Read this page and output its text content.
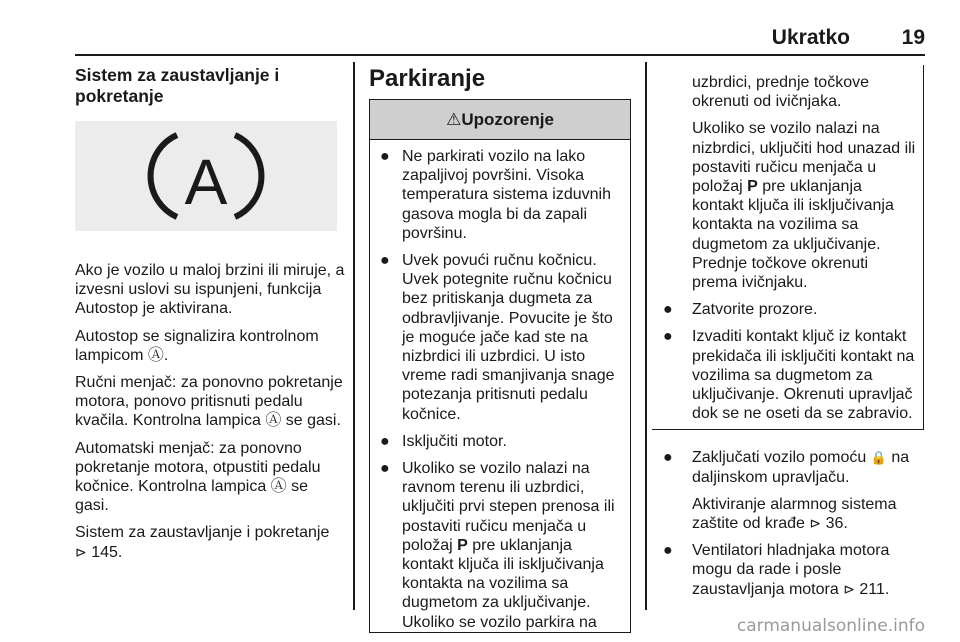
Ukratko	19
Sistem za zaustavljanje i pokretanje
A

Ako je vozilo u maloj brzini ili miruje, a izvesni uslovi su ispunjeni, funkcija Autostop je aktivirana.

Autostop se signalizira kontrolnom lampicom Ⓐ.

Ručni menjač: za ponovno pokretanje motora, ponovo pritisnuti pedalu kvačila. Kontrolna lampica Ⓐ se gasi.

Automatski menjač: za ponovno pokretanje motora, otpustiti pedalu kočnice. Kontrolna lampica Ⓐ se gasi.

Sistem za zaustavljanje i pokretanje
⊳ 145.

Parkiranje
⚠ Upozorenje
● Ne parkirati vozilo na lako zapaljivoj površini. Visoka temperatura sistema izduvnih gasova mogla bi da zapali površinu.
● Uvek povući ručnu kočnicu. Uvek potegnite ručnu kočnicu bez pritiskanja dugmeta za odbravljivanje. Povucite je što je moguće jače kad ste na nizbrdici ili uzbrdici. U isto vreme radi smanjivanja snage potezanja pritisnuti pedalu kočnice.
● Isključiti motor.
● Ukoliko se vozilo nalazi na ravnom terenu ili uzbrdici, uključiti prvi stepen prenosa ili postaviti ručicu menjača u položaj P pre uklanjanja kontakt ključa ili isključivanja kontakta na vozilima sa dugmetom za uključivanje. Ukoliko se vozilo parkira na

uzbrdici, prednje točkove okrenuti od ivičnjaka.

Ukoliko se vozilo nalazi na nizbrdici, uključiti hod unazad ili postaviti ručicu menjača u položaj P pre uklanjanja kontakt ključa ili isključivanja kontakta na vozilima sa dugmetom za uključivanje. Prednje točkove okrenuti prema ivičnjaku.

● Zatvorite prozore.
● Izvaditi kontakt ključ iz kontakt prekidača ili isključiti kontakt na vozilima sa dugmetom za uključivanje. Okrenuti upravljač dok se ne oseti da se zabravio.
● Zaključati vozilo pomoću 🔒 na daljinskom upravljaču.

Aktiviranje alarmnog sistema zaštite od krađe ⊳ 36.

● Ventilatori hladnjaka motora mogu da rade i posle zaustavljanja motora ⊳ 211.
carmanualsonline.info
